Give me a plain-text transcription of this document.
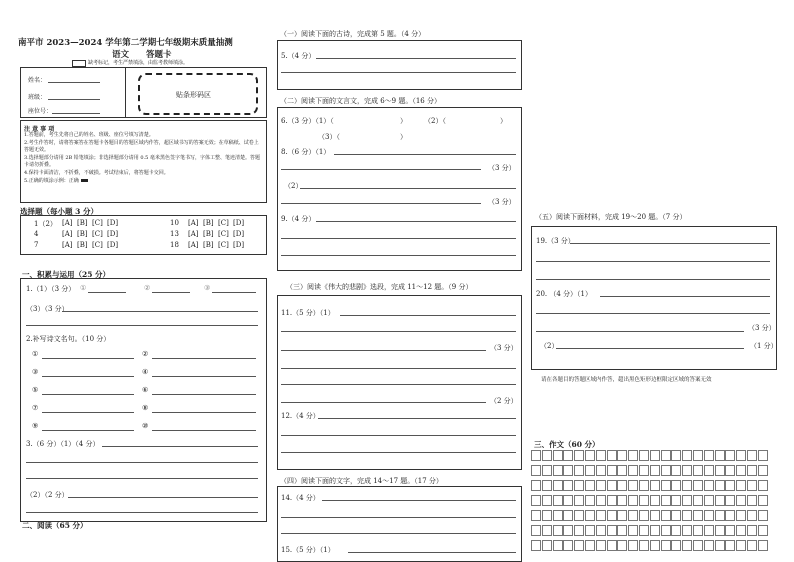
南平市 2023—2024 学年第二学期七年级期末质量抽测
语文 答题卡
缺考标记，考生严禁填涂，由监考教师填涂。
姓名：
班级：
座位号：
贴条形码区
注 意 事 项
1.答题前，考生先将自己的姓名、班级、座位号填写清楚。
2.考生作答时，请将答案答在答题卡各题目的答题区域内作答，超区域书写的答案无效；在草稿纸、试卷上答题无效。
3.选择题部分请用 2B 铅笔填涂；非选择题部分请用 0.5 毫米黑色签字笔书写，字体工整、笔迹清楚。答题卡请勿折叠。
4.保持卡面清洁，不折叠，不破损。考试结束后，将答题卡交回。
5.正确的填涂示例：正确
选择题（每小题 3 分）
1（2） [A] [B] [C] [D]	10 [A] [B] [C] [D]
4	[A] [B] [C] [D]	13 [A] [B] [C] [D]
7	[A] [B] [C] [D]	18 [A] [B] [C] [D]
一、积累与运用（25 分）
1.（1）（3 分） ①	②	③
（3）（3 分）
2.补写诗文名句。（10 分）
①	②
③	④
⑤	⑥
⑦	⑧
⑨	⑩
3.（6 分）（1）（4 分）
（2）（2 分）
二、阅读（65 分）
（一）阅读下面的古诗，完成第 5 题。（4 分）
5.（4 分）
（二）阅读下面的文言文，完成 6～9 题。（16 分）
6.（3 分）（1）（	） （2）（	）
（3）（	）
8.（6 分）（1）
（3 分）
（2）
（3 分）
9.（4 分）
（三）阅读《伟大的悲剧》选段，完成 11～12 题。（9 分）
11.（5 分）（1）
（3 分）
（2 分）
12.（4 分）
（四）阅读下面的文字，完成 14～17 题。（17 分）
14.（4 分）
15.（5 分）（1）
（五）阅读下面材料，完成 19～20 题。（7 分）
19.（3 分）
20. （4 分）（1）
（3 分）
（2）	（1 分）
请在各题目的答题区域内作答，超出黑色矩形边框限定区域的答案无效
三、作文（60 分）
